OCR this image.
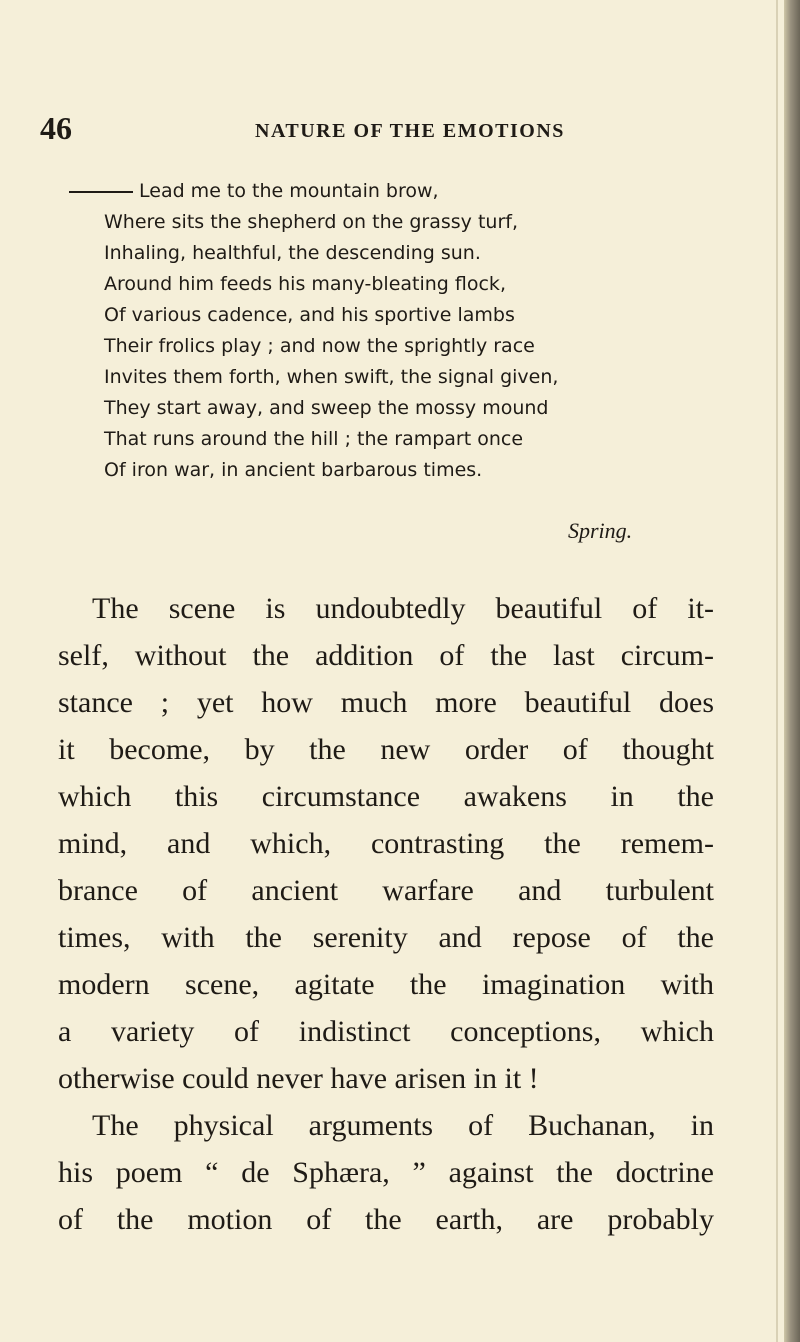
46	NATURE OF THE EMOTIONS
Lead me to the mountain brow,
Where sits the shepherd on the grassy turf,
Inhaling, healthful, the descending sun.
Around him feeds his many-bleating flock,
Of various cadence, and his sportive lambs
Their frolics play ; and now the sprightly race
Invites them forth, when swift, the signal given,
They start away, and sweep the mossy mound
That runs around the hill ; the rampart once
Of iron war, in ancient barbarous times.
Spring.
The scene is undoubtedly beautiful of it-
self, without the addition of the last circum-
stance ; yet how much more beautiful does
it become, by the new order of thought
which this circumstance awakens in the
mind, and which, contrasting the remem-
brance of ancient warfare and turbulent
times, with the serenity and repose of the
modern scene, agitate the imagination with
a variety of indistinct conceptions, which
otherwise could never have arisen in it !
The physical arguments of Buchanan, in
his poem “ de Sphæra, ” against the doctrine
of the motion of the earth, are probably
